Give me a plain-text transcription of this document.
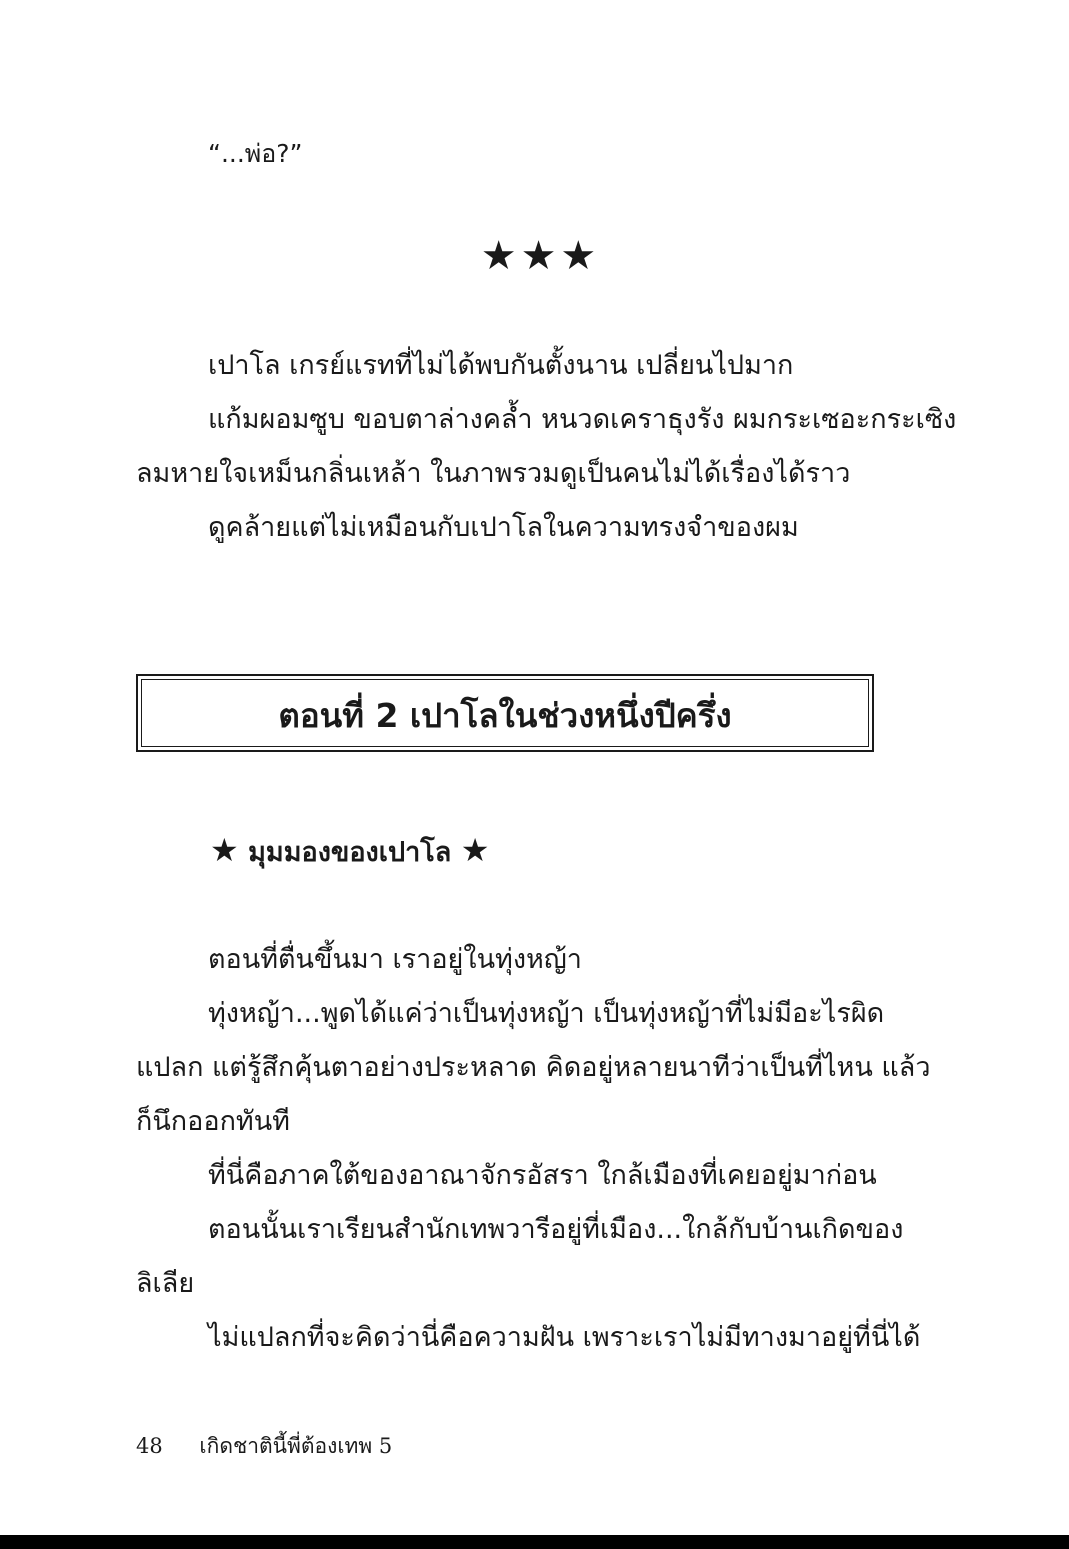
“...พ่อ?”
★★★
เปาโล เกรย์แรทที่ไม่ได้พบกันตั้งนาน เปลี่ยนไปมาก
แก้มผอมซูบ ขอบตาล่างคล้ำ หนวดเคราธุงรัง ผมกระเซอะกระเซิง
ลมหายใจเหม็นกลิ่นเหล้า ในภาพรวมดูเป็นคนไม่ได้เรื่องได้ราว
ดูคล้ายแต่ไม่เหมือนกับเปาโลในความทรงจำของผม
ตอนที่ 2 เปาโลในช่วงหนึ่งปีครึ่ง
★ มุมมองของเปาโล ★
ตอนที่ตื่นขึ้นมา เราอยู่ในทุ่งหญ้า
ทุ่งหญ้า...พูดได้แค่ว่าเป็นทุ่งหญ้า เป็นทุ่งหญ้าที่ไม่มีอะไรผิด
แปลก แต่รู้สึกคุ้นตาอย่างประหลาด คิดอยู่หลายนาทีว่าเป็นที่ไหน แล้ว
ก็นึกออกทันที
ที่นี่คือภาคใต้ของอาณาจักรอัสรา ใกล้เมืองที่เคยอยู่มาก่อน
ตอนนั้นเราเรียนสำนักเทพวารีอยู่ที่เมือง...ใกล้กับบ้านเกิดของ
ลิเลีย
ไม่แปลกที่จะคิดว่านี่คือความฝัน เพราะเราไม่มีทางมาอยู่ที่นี่ได้
48 เกิดชาตินี้พี่ต้องเทพ 5
